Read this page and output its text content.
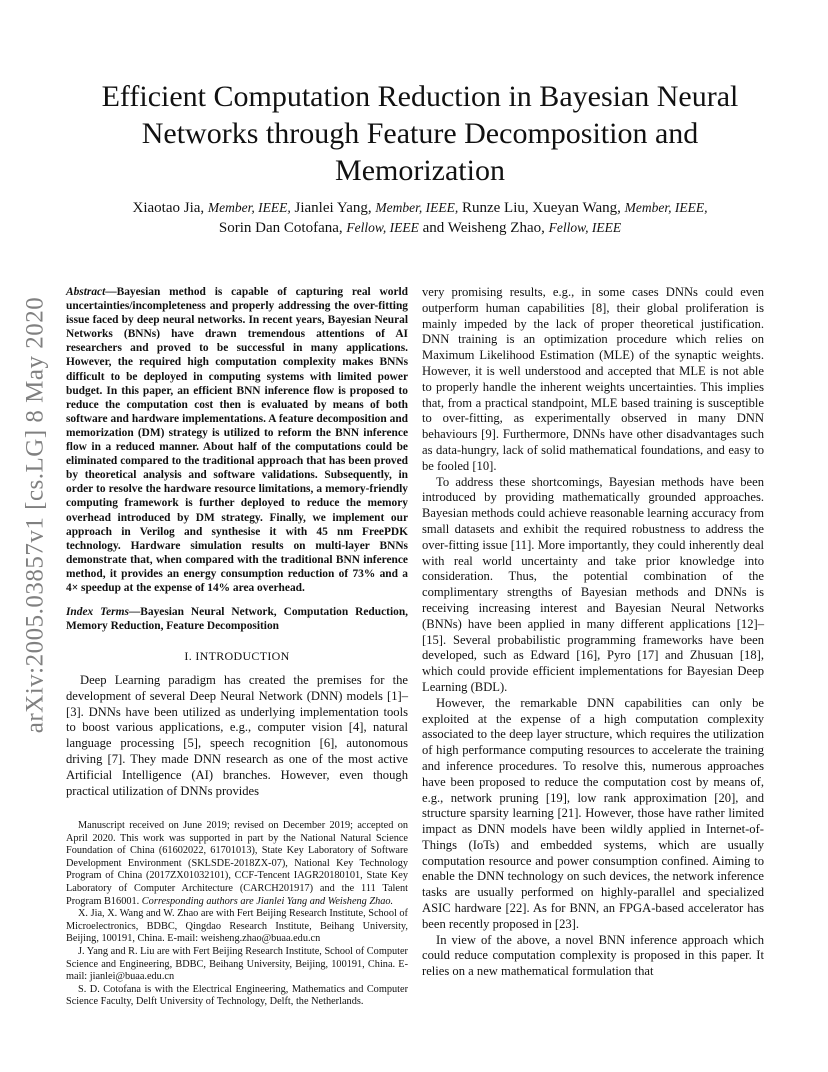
arXiv:2005.03857v1 [cs.LG] 8 May 2020
Efficient Computation Reduction in Bayesian Neural Networks through Feature Decomposition and Memorization
Xiaotao Jia, Member, IEEE, Jianlei Yang, Member, IEEE, Runze Liu, Xueyan Wang, Member, IEEE,
Sorin Dan Cotofana, Fellow, IEEE and Weisheng Zhao, Fellow, IEEE

Abstract—Bayesian method is capable of capturing real world uncertainties/incompleteness and properly addressing the over-fitting issue faced by deep neural networks. In recent years, Bayesian Neural Networks (BNNs) have drawn tremendous attentions of AI researchers and proved to be successful in many applications. However, the required high computation complexity makes BNNs difficult to be deployed in computing systems with limited power budget. In this paper, an efficient BNN inference flow is proposed to reduce the computation cost then is evaluated by means of both software and hardware implementations. A feature decomposition and memorization (DM) strategy is utilized to reform the BNN inference flow in a reduced manner. About half of the computations could be eliminated compared to the traditional approach that has been proved by theoretical analysis and software validations. Subsequently, in order to resolve the hardware resource limitations, a memory-friendly computing framework is further deployed to reduce the memory overhead introduced by DM strategy. Finally, we implement our approach in Verilog and synthesise it with 45 nm FreePDK technology. Hardware simulation results on multi-layer BNNs demonstrate that, when compared with the traditional BNN inference method, it provides an energy consumption reduction of 73% and a 4× speedup at the expense of 14% area overhead.

Index Terms—Bayesian Neural Network, Computation Reduction, Memory Reduction, Feature Decomposition

I. INTRODUCTION

Deep Learning paradigm has created the premises for the development of several Deep Neural Network (DNN) models [1]–[3]. DNNs have been utilized as underlying implementation tools to boost various applications, e.g., computer vision [4], natural language processing [5], speech recognition [6], autonomous driving [7]. They made DNN research as one of the most active Artificial Intelligence (AI) branches. However, even though practical utilization of DNNs provides

Manuscript received on June 2019; revised on December 2019; accepted on April 2020. This work was supported in part by the National Natural Science Foundation of China (61602022, 61701013), State Key Laboratory of Software Development Environment (SKLSDE-2018ZX-07), National Key Technology Program of China (2017ZX01032101), CCF-Tencent IAGR20180101, State Key Laboratory of Computer Architecture (CARCH201917) and the 111 Talent Program B16001. Corresponding authors are Jianlei Yang and Weisheng Zhao.

X. Jia, X. Wang and W. Zhao are with Fert Beijing Research Institute, School of Microelectronics, BDBC, Qingdao Research Institute, Beihang University, Beijing, 100191, China. E-mail: weisheng.zhao@buaa.edu.cn

J. Yang and R. Liu are with Fert Beijing Research Institute, School of Computer Science and Engineering, BDBC, Beihang University, Beijing, 100191, China. E-mail: jianlei@buaa.edu.cn

S. D. Cotofana is with the Electrical Engineering, Mathematics and Computer Science Faculty, Delft University of Technology, Delft, the Netherlands.

very promising results, e.g., in some cases DNNs could even outperform human capabilities [8], their global proliferation is mainly impeded by the lack of proper theoretical justification. DNN training is an optimization procedure which relies on Maximum Likelihood Estimation (MLE) of the synaptic weights. However, it is well understood and accepted that MLE is not able to properly handle the inherent weights uncertainties. This implies that, from a practical standpoint, MLE based training is susceptible to over-fitting, as experimentally observed in many DNN behaviours [9]. Furthermore, DNNs have other disadvantages such as data-hungry, lack of solid mathematical foundations, and easy to be fooled [10].

To address these shortcomings, Bayesian methods have been introduced by providing mathematically grounded approaches. Bayesian methods could achieve reasonable learning accuracy from small datasets and exhibit the required robustness to address the over-fitting issue [11]. More importantly, they could inherently deal with real world uncertainty and take prior knowledge into consideration. Thus, the potential combination of the complimentary strengths of Bayesian methods and DNNs is receiving increasing interest and Bayesian Neural Networks (BNNs) have been applied in many different applications [12]–[15]. Several probabilistic programming frameworks have been developed, such as Edward [16], Pyro [17] and Zhusuan [18], which could provide efficient implementations for Bayesian Deep Learning (BDL).

However, the remarkable DNN capabilities can only be exploited at the expense of a high computation complexity associated to the deep layer structure, which requires the utilization of high performance computing resources to accelerate the training and inference procedures. To resolve this, numerous approaches have been proposed to reduce the computation cost by means of, e.g., network pruning [19], low rank approximation [20], and structure sparsity learning [21]. However, those have rather limited impact as DNN models have been wildly applied in Internet-of-Things (IoTs) and embedded systems, which are usually computation resource and power consumption confined. Aiming to enable the DNN technology on such devices, the network inference tasks are usually performed on highly-parallel and specialized ASIC hardware [22]. As for BNN, an FPGA-based accelerator has been recently proposed in [23].

In view of the above, a novel BNN inference approach which could reduce computation complexity is proposed in this paper. It relies on a new mathematical formulation that
